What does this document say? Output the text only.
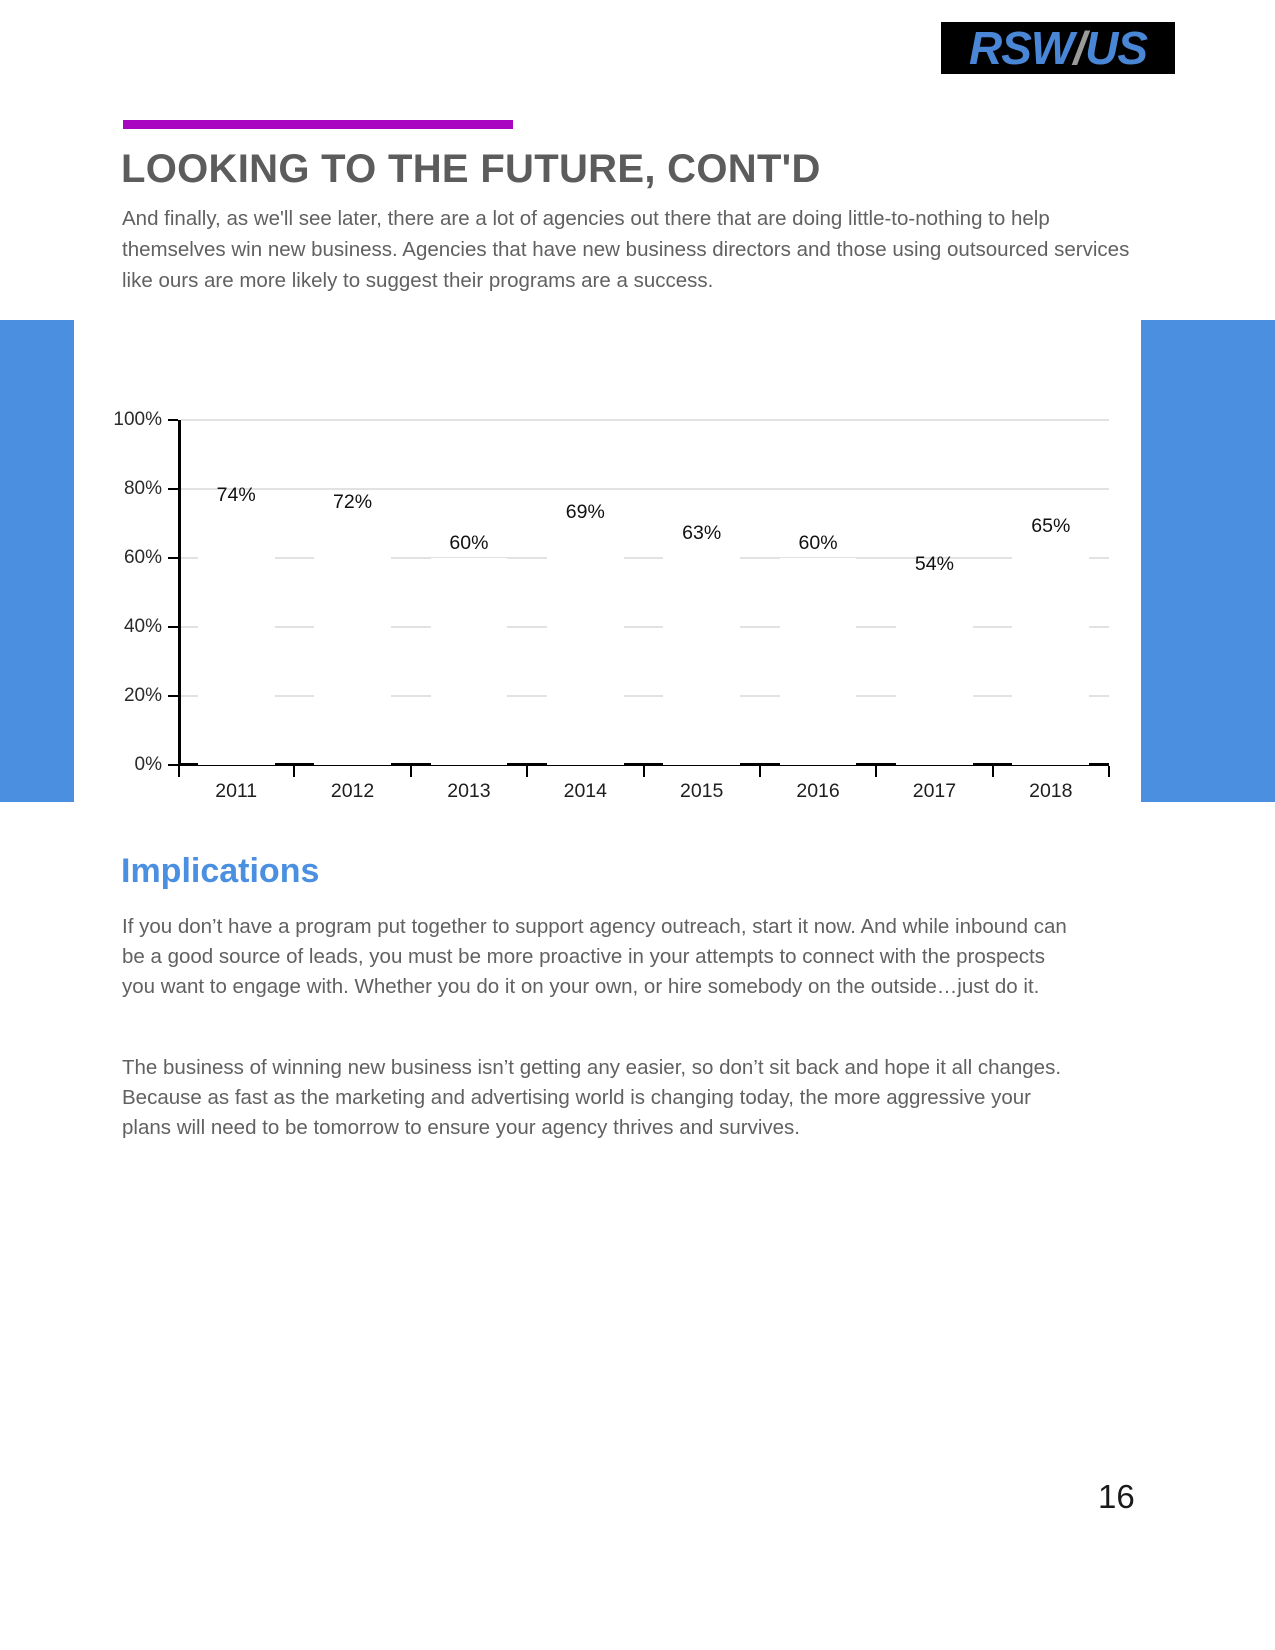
RSW/US
LOOKING TO THE FUTURE, CONT'D
And finally, as we'll see later, there are a lot of agencies out there that are doing little-to-nothing to help themselves win new business. Agencies that have new business directors and those using outsourced services like ours are more likely to suggest their programs are a success.
0%
20%
40%
60%
80%
100%
2011
74%
2012
72%
2013
60%
2014
69%
2015
63%
2016
60%
2017
54%
2018
65%
Implications
If you don’t have a program put together to support agency outreach, start it now. And while inbound can be a good source of leads, you must be more proactive in your attempts to connect with the prospects you want to engage with. Whether you do it on your own, or hire somebody on the outside…just do it.
The business of winning new business isn’t getting any easier, so don’t sit back and hope it all changes. Because as fast as the marketing and advertising world is changing today, the more aggressive your plans will need to be tomorrow to ensure your agency thrives and survives.
16
